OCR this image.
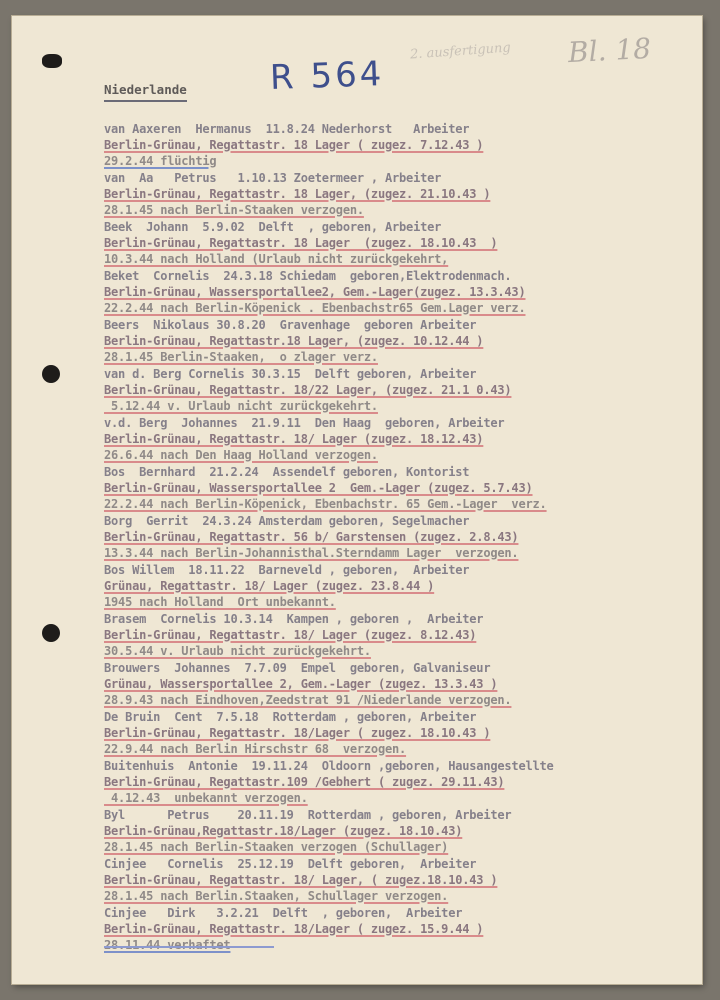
R 564
2. ausfertigung Bl. 18
Niederlande
van Aaxeren  Hermanus  11.8.24 Nederhorst   Arbeiter
Berlin-Grünau, Regattastr. 18 Lager ( zugez. 7.12.43 )
29.2.44 flüchtig
van  Aa   Petrus   1.10.13 Zoetermeer , Arbeiter
Berlin-Grünau, Regattastr. 18 Lager, (zugez. 21.10.43 )
28.1.45 nach Berlin-Staaken verzogen.
Beek  Johann  5.9.02  Delft  , geboren, Arbeiter
Berlin-Grünau, Regattastr. 18 Lager  (zugez. 18.10.43  )
10.3.44 nach Holland (Urlaub nicht zurückgekehrt,
Beket  Cornelis  24.3.18 Schiedam  geboren,Elektrodenmach.
Berlin-Grünau, Wassersportallee2, Gem.-Lager(zugez. 13.3.43)
22.2.44 nach Berlin-Köpenick . Ebenbachstr65 Gem.Lager verz.
Beers  Nikolaus 30.8.20  Gravenhage  geboren Arbeiter
Berlin-Grünau, Regattastr.18 Lager, (zugez. 10.12.44 )
28.1.45 Berlin-Staaken,  o zlager verz.
van d. Berg Cornelis 30.3.15  Delft geboren, Arbeiter
Berlin-Grünau, Regattastr. 18/22 Lager, (zugez. 21.1 0.43)
5.12.44 v. Urlaub nicht zurückgekehrt.
v.d. Berg  Johannes  21.9.11  Den Haag  geboren, Arbeiter
Berlin-Grünau, Regattastr. 18/ Lager (zugez. 18.12.43)
26.6.44 nach Den Haag Holland verzogen.
Bos  Bernhard  21.2.24  Assendelf geboren, Kontorist
Berlin-Grünau, Wassersportallee 2  Gem.-Lager (zugez. 5.7.43)
22.2.44 nach Berlin-Köpenick, Ebenbachstr. 65 Gem.-Lager  verz.
Borg  Gerrit  24.3.24 Amsterdam geboren, Segelmacher
Berlin-Grünau, Regattastr. 56 b/ Garstensen (zugez. 2.8.43)
13.3.44 nach Berlin-Johannisthal.Sterndamm Lager  verzogen.
Bos Willem  18.11.22  Barneveld , geboren,  Arbeiter
Grünau, Regattastr. 18/ Lager (zugez. 23.8.44 )
1945 nach Holland  Ort unbekannt.
Brasem  Cornelis 10.3.14  Kampen , geboren ,  Arbeiter
Berlin-Grünau, Regattastr. 18/ Lager (zugez. 8.12.43)
30.5.44 v. Urlaub nicht zurückgekehrt.
Brouwers  Johannes  7.7.09  Empel  geboren, Galvaniseur
Grünau, Wassersportallee 2, Gem.-Lager (zugez. 13.3.43 )
28.9.43 nach Eindhoven,Zeedstrat 91 /Niederlande verzogen.
De Bruin  Cent  7.5.18  Rotterdam , geboren, Arbeiter
Berlin-Grünau, Regattastr. 18/Lager ( zugez. 18.10.43 )
22.9.44 nach Berlin Hirschstr 68  verzogen.
Buitenhuis  Antonie  19.11.24  Oldoorn ,geboren, Hausangestellte
Berlin-Grünau, Regattastr.109 /Gebhert ( zugez. 29.11.43)
4.12.43  unbekannt verzogen.
Byl      Petrus    20.11.19  Rotterdam , geboren, Arbeiter
Berlin-Grünau,Regattastr.18/Lager (zugez. 18.10.43)
28.1.45 nach Berlin-Staaken verzogen (Schullager)
Cinjee   Cornelis  25.12.19  Delft geboren,  Arbeiter
Berlin-Grünau, Regattastr. 18/ Lager, ( zugez.18.10.43 )
28.1.45 nach Berlin.Staaken, Schullager verzogen.
Cinjee   Dirk   3.2.21  Delft  , geboren,  Arbeiter
Berlin-Grünau, Regattastr. 18/Lager ( zugez. 15.9.44 )
28.11.44 verhaftet
